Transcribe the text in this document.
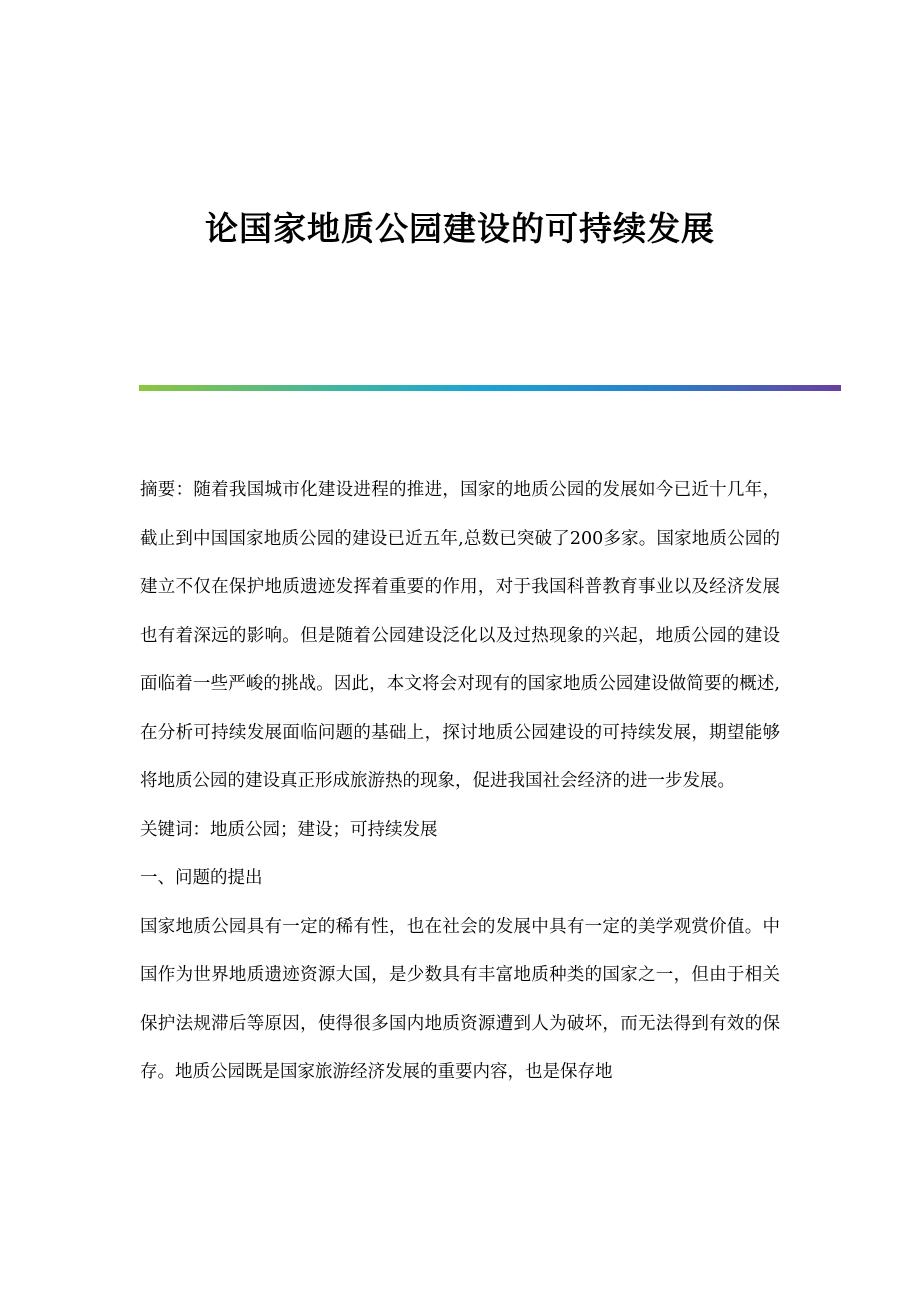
论国家地质公园建设的可持续发展

摘要：随着我国城市化建设进程的推进，国家的地质公园的发展如今已近十几年，截止到中国国家地质公园的建设已近五年,总数已突破了200多家。国家地质公园的建立不仅在保护地质遗迹发挥着重要的作用，对于我国科普教育事业以及经济发展也有着深远的影响。但是随着公园建设泛化以及过热现象的兴起，地质公园的建设面临着一些严峻的挑战。因此，本文将会对现有的国家地质公园建设做简要的概述,在分析可持续发展面临问题的基础上，探讨地质公园建设的可持续发展，期望能够将地质公园的建设真正形成旅游热的现象，促进我国社会经济的进一步发展。

关键词：地质公园；建设；可持续发展

一、问题的提出

国家地质公园具有一定的稀有性，也在社会的发展中具有一定的美学观赏价值。中国作为世界地质遗迹资源大国，是少数具有丰富地质种类的国家之一，但由于相关保护法规滞后等原因，使得很多国内地质资源遭到人为破坏，而无法得到有效的保存。地质公园既是国家旅游经济发展的重要内容，也是保存地
